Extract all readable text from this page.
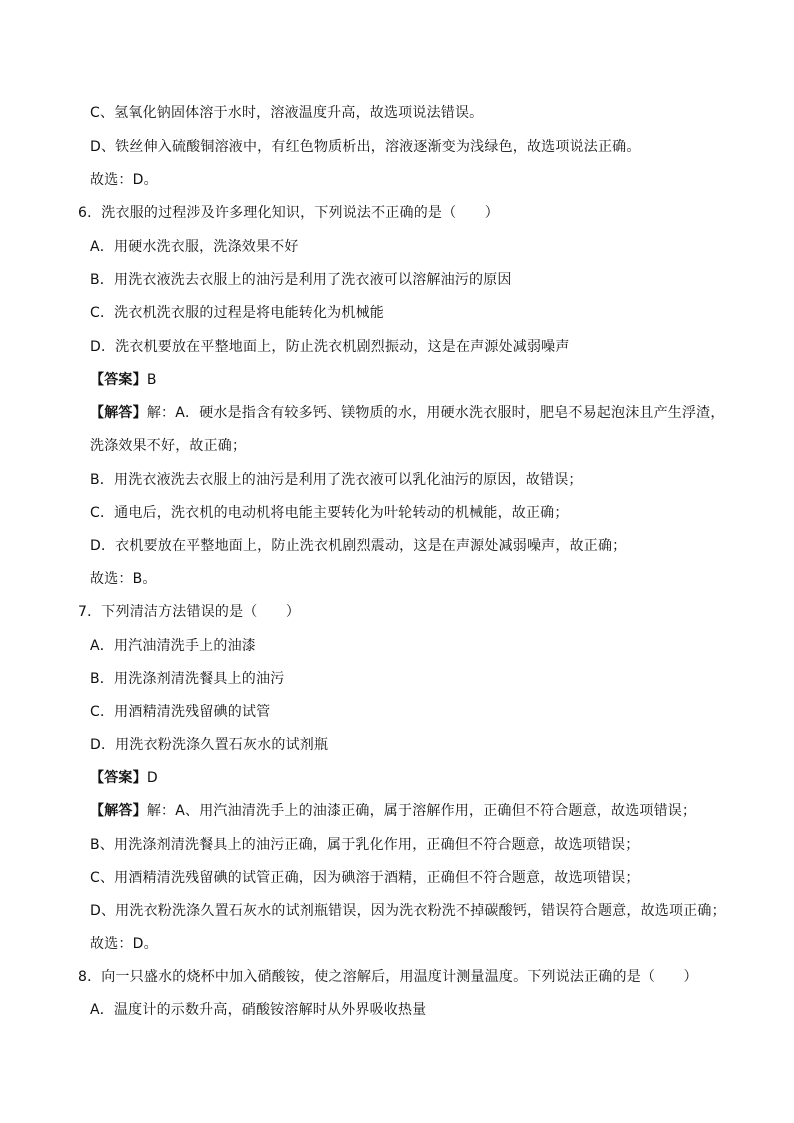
C、氢氧化钠固体溶于水时，溶液温度升高，故选项说法错误。
D、铁丝伸入硫酸铜溶液中，有红色物质析出，溶液逐渐变为浅绿色，故选项说法正确。
故选：D。
6．洗衣服的过程涉及许多理化知识，下列说法不正确的是（　　）
A．用硬水洗衣服，洗涤效果不好
B．用洗衣液洗去衣服上的油污是利用了洗衣液可以溶解油污的原因
C．洗衣机洗衣服的过程是将电能转化为机械能
D．洗衣机要放在平整地面上，防止洗衣机剧烈振动，这是在声源处减弱噪声
【答案】B
【解答】解：A．硬水是指含有较多钙、镁物质的水，用硬水洗衣服时，肥皂不易起泡沫且产生浮渣，
洗涤效果不好，故正确；
B．用洗衣液洗去衣服上的油污是利用了洗衣液可以乳化油污的原因，故错误；
C．通电后，洗衣机的电动机将电能主要转化为叶轮转动的机械能，故正确；
D．衣机要放在平整地面上，防止洗衣机剧烈震动，这是在声源处减弱噪声，故正确；
故选：B。
7．下列清洁方法错误的是（　　）
A．用汽油清洗手上的油漆
B．用洗涤剂清洗餐具上的油污
C．用酒精清洗残留碘的试管
D．用洗衣粉洗涤久置石灰水的试剂瓶
【答案】D
【解答】解：A、用汽油清洗手上的油漆正确，属于溶解作用，正确但不符合题意，故选项错误；
B、用洗涤剂清洗餐具上的油污正确，属于乳化作用，正确但不符合题意，故选项错误；
C、用酒精清洗残留碘的试管正确，因为碘溶于酒精，正确但不符合题意，故选项错误；
D、用洗衣粉洗涤久置石灰水的试剂瓶错误，因为洗衣粉洗不掉碳酸钙，错误符合题意，故选项正确；
故选：D。
8．向一只盛水的烧杯中加入硝酸铵，使之溶解后，用温度计测量温度。下列说法正确的是（　　）
A．温度计的示数升高，硝酸铵溶解时从外界吸收热量
